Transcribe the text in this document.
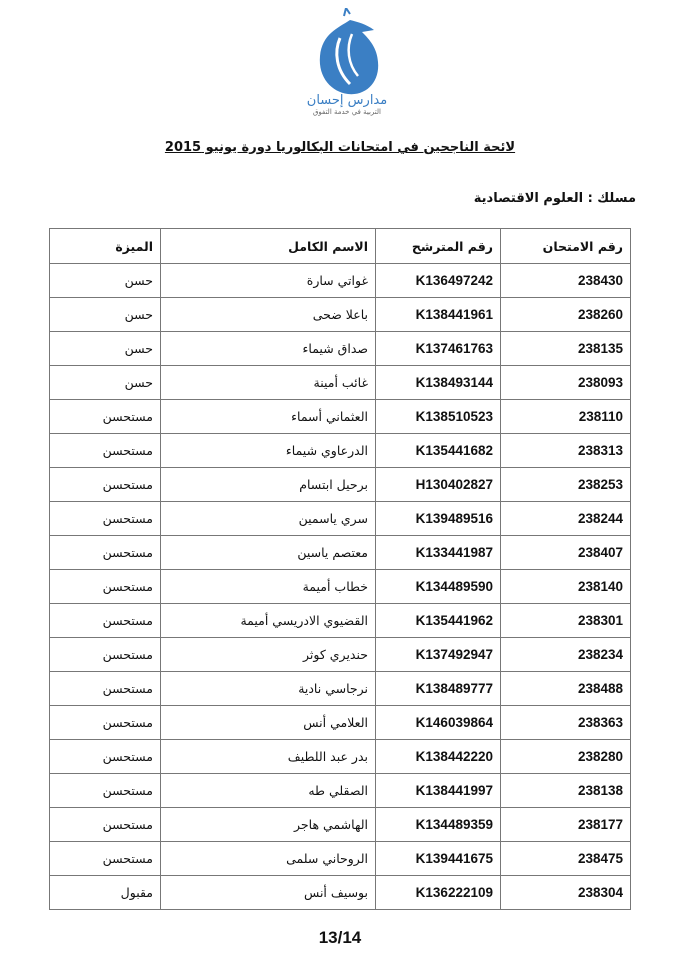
مدارس إحسان
التربية في خدمة التفوق
لائحة الناجحين في امتحانات البكالوريا دورة يونيو 2015
مسلك : العلوم الاقتصادية
رقم الامتحان	رقم المترشح	الاسم الكامل	الميزة
238430	K136497242	غواتي سارة	حسن
238260	K138441961	باعلا ضحى	حسن
238135	K137461763	صداق شيماء	حسن
238093	K138493144	غائب أمينة	حسن
238110	K138510523	العثماني أسماء	مستحسن
238313	K135441682	الدرعاوي شيماء	مستحسن
238253	H130402827	برحيل ابتسام	مستحسن
238244	K139489516	سري ياسمين	مستحسن
238407	K133441987	معتصم ياسين	مستحسن
238140	K134489590	خطاب أميمة	مستحسن
238301	K135441962	القضيوي الادريسي أميمة	مستحسن
238234	K137492947	حنديري كوثر	مستحسن
238488	K138489777	نرجاسي نادية	مستحسن
238363	K146039864	العلامي أنس	مستحسن
238280	K138442220	بدر عبد اللطيف	مستحسن
238138	K138441997	الصقلي طه	مستحسن
238177	K134489359	الهاشمي هاجر	مستحسن
238475	K139441675	الروحاني سلمى	مستحسن
238304	K136222109	بوسيف أنس	مقبول
13/14
